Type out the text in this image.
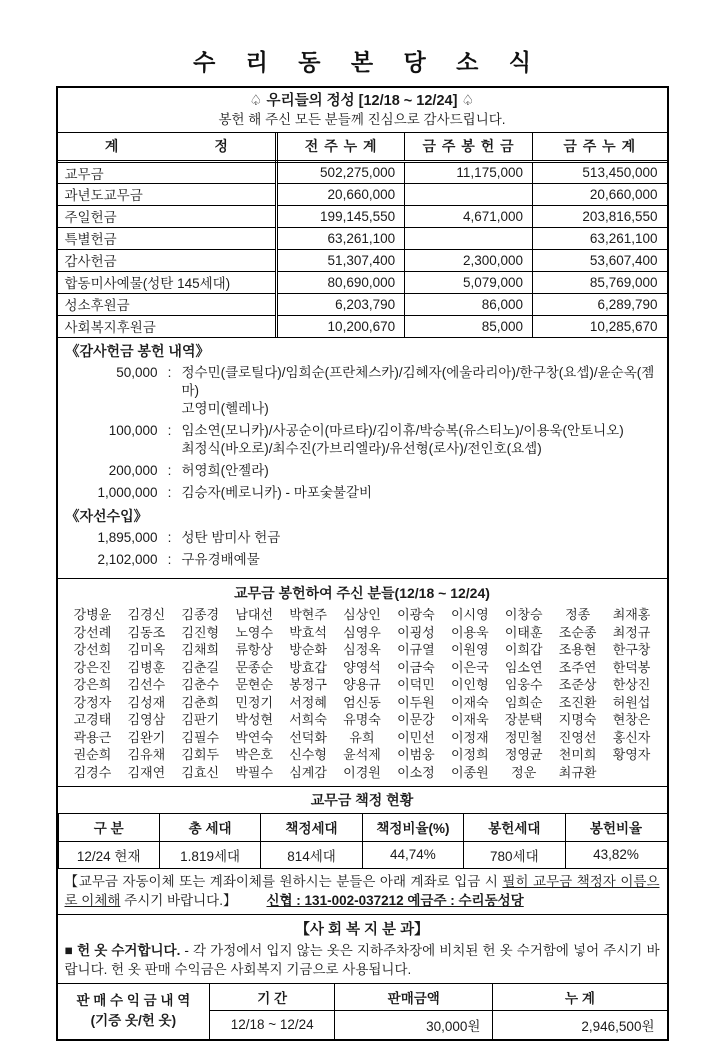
수 리 동 본 당 소 식
♤ 우리들의 정성 [12/18 ~ 12/24] ♤
봉헌 해 주신 모든 분들께 진심으로 감사드립니다.
계 정	전 주 누 계	금 주 봉 헌 금	금 주 누 계
교무금	502,275,000	11,175,000	513,450,000
과년도교무금	20,660,000		20,660,000
주일헌금	199,145,550	4,671,000	203,816,550
특별헌금	63,261,100		63,261,100
감사헌금	51,307,400	2,300,000	53,607,400
합동미사예물(성탄 145세대)	80,690,000	5,079,000	85,769,000
성소후원금	6,203,790	86,000	6,289,790
사회복지후원금	10,200,670	85,000	10,285,670
《감사헌금 봉헌 내역》
50,000 : 정수민(클로틸다)/임희순(프란체스카)/김혜자(에울라리아)/한구창(요셉)/윤순옥(젬마)
고영미(헬레나)
100,000 : 임소연(모니카)/사공순이(마르타)/김이휴/박승복(유스티노)/이용욱(안토니오)
최정식(바오로)/최수진(가브리엘라)/유선형(로사)/전인호(요셉)
200,000 : 허영희(안젤라)
1,000,000 : 김승자(베로니카) - 마포숯불갈비
《자선수입》
1,895,000 : 성탄 밤미사 헌금
2,102,000 : 구유경배예물
교무금 봉헌하여 주신 분들(12/18 ~ 12/24)
강병윤	김경신	김종경	남대선	박현주	심상인	이광숙	이시영	이창승	정종	최재홍
강선례	김동조	김진형	노영수	박효석	심영우	이굉성	이용욱	이태훈	조순종	최정규
강선희	김미옥	김채희	류항상	방순화	심정옥	이규열	이원영	이희갑	조용현	한구창
강은진	김병훈	김춘길	문종순	방효갑	양영석	이금숙	이은국	임소연	조주연	한덕봉
강은희	김선수	김춘수	문현순	봉정구	양용규	이덕민	이인형	임웅수	조준상	한상진
강정자	김성재	김춘희	민정기	서정혜	엄신동	이두원	이재숙	임희순	조진환	허원섭
고경태	김영삼	김판기	박성현	서희숙	유명숙	이문강	이재욱	장분택	지명숙	현창은
곽용근	김완기	김필수	박연숙	선덕화	유희	이민선	이정재	정민철	진영선	홍신자
권순희	김유채	김회두	박은호	신수형	윤석제	이범웅	이정희	정영균	천미희	황영자
김경수	김재연	김효신	박필수	심계감	이경원	이소정	이종원	정운	최규환
교무금 책정 현황
구 분	총 세대	책정세대	책정비율(%)	봉헌세대	봉헌비율
12/24 현재	1.819세대	814세대	44,74%	780세대	43,82%
【교무금 자동이체 또는 계좌이체를 원하시는 분들은 아래 계좌로 입금 시 필히 교무금 책정자 이름으로 이체해 주시기 바랍니다.】 신협 : 131-002-037212 예금주 : 수리동성당
【사 회 복 지 분 과】
■ 헌 옷 수거합니다. - 각 가정에서 입지 않는 옷은 지하주차장에 비치된 헌 옷 수거함에 넣어 주시기 바랍니다. 헌 옷 판매 수익금은 사회복지 기금으로 사용됩니다.
판 매 수 익 금 내 역
(기증 옷/헌 옷)	기 간	판매금액	누 계
	12/18 ~ 12/24	30,000원	2,946,500원
